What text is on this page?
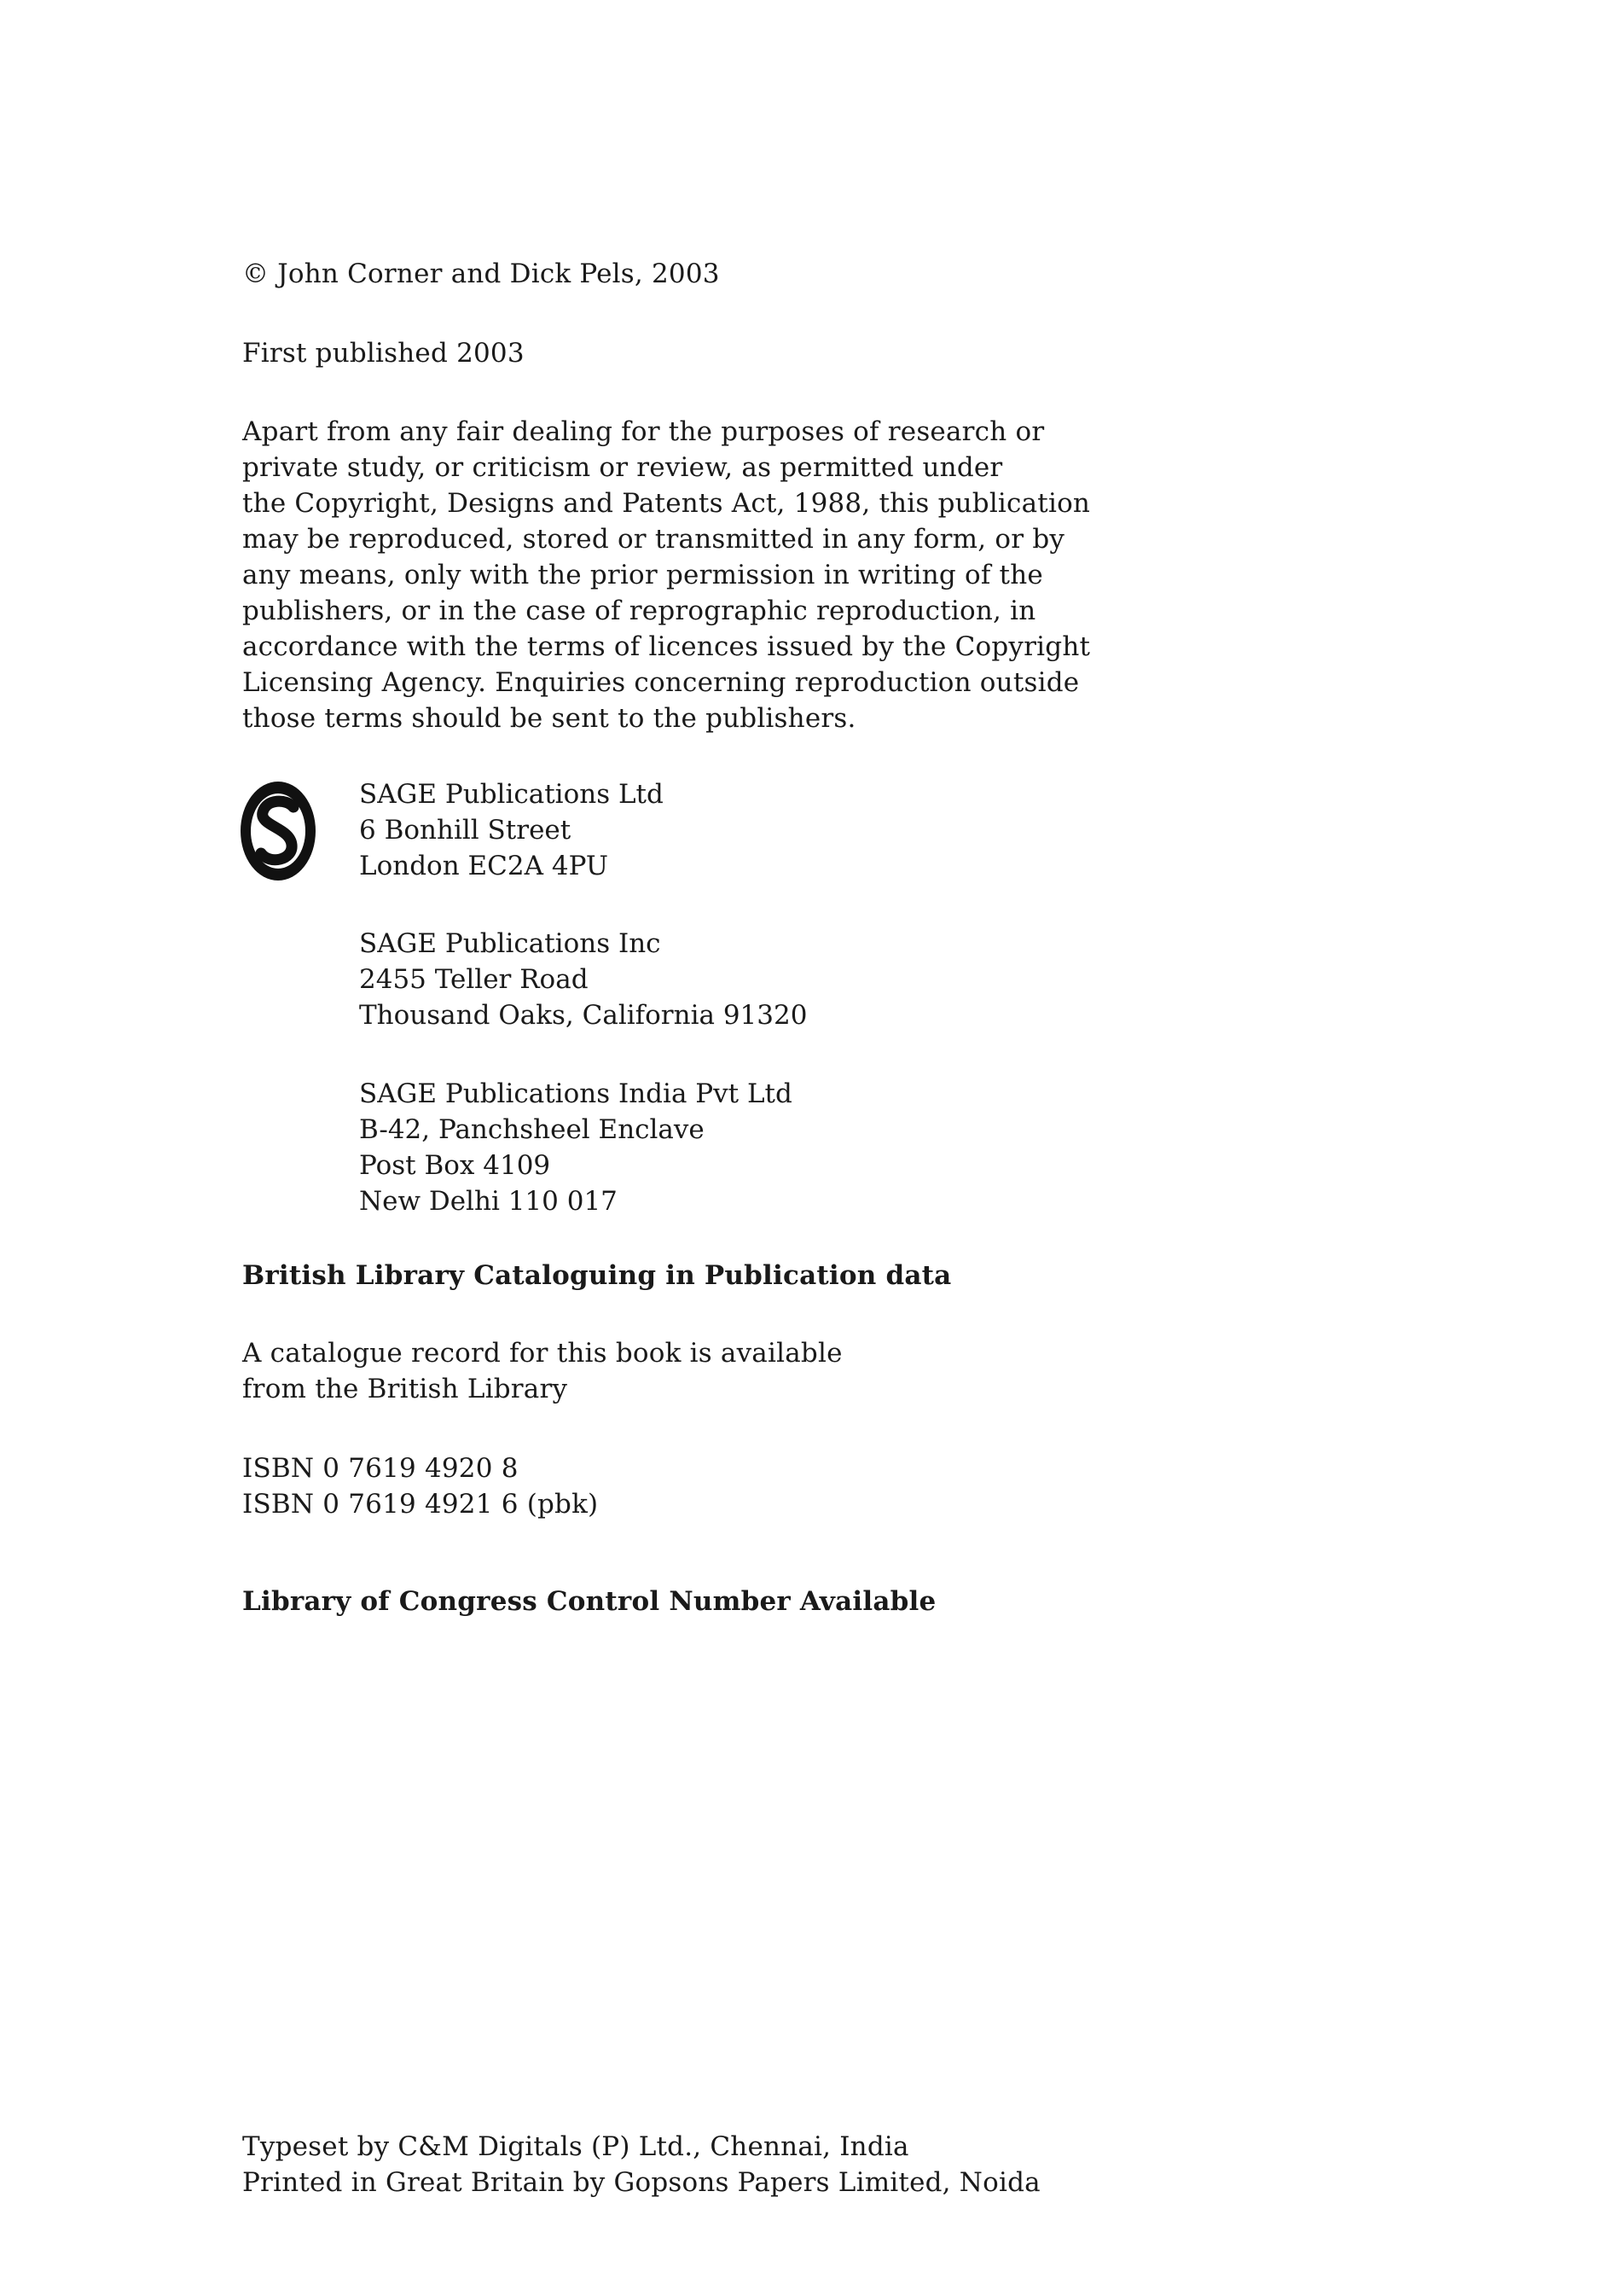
© John Corner and Dick Pels, 2003
First published 2003
Apart from any fair dealing for the purposes of research or
private study, or criticism or review, as permitted under
the Copyright, Designs and Patents Act, 1988, this publication
may be reproduced, stored or transmitted in any form, or by
any means, only with the prior permission in writing of the
publishers, or in the case of reprographic reproduction, in
accordance with the terms of licences issued by the Copyright
Licensing Agency. Enquiries concerning reproduction outside
those terms should be sent to the publishers.
SAGE Publications Ltd
6 Bonhill Street
London EC2A 4PU
SAGE Publications Inc
2455 Teller Road
Thousand Oaks, California 91320
SAGE Publications India Pvt Ltd
B-42, Panchsheel Enclave
Post Box 4109
New Delhi 110 017
British Library Cataloguing in Publication data
A catalogue record for this book is available
from the British Library
ISBN 0 7619 4920 8
ISBN 0 7619 4921 6 (pbk)
Library of Congress Control Number Available
Typeset by C&M Digitals (P) Ltd., Chennai, India
Printed in Great Britain by Gopsons Papers Limited, Noida
